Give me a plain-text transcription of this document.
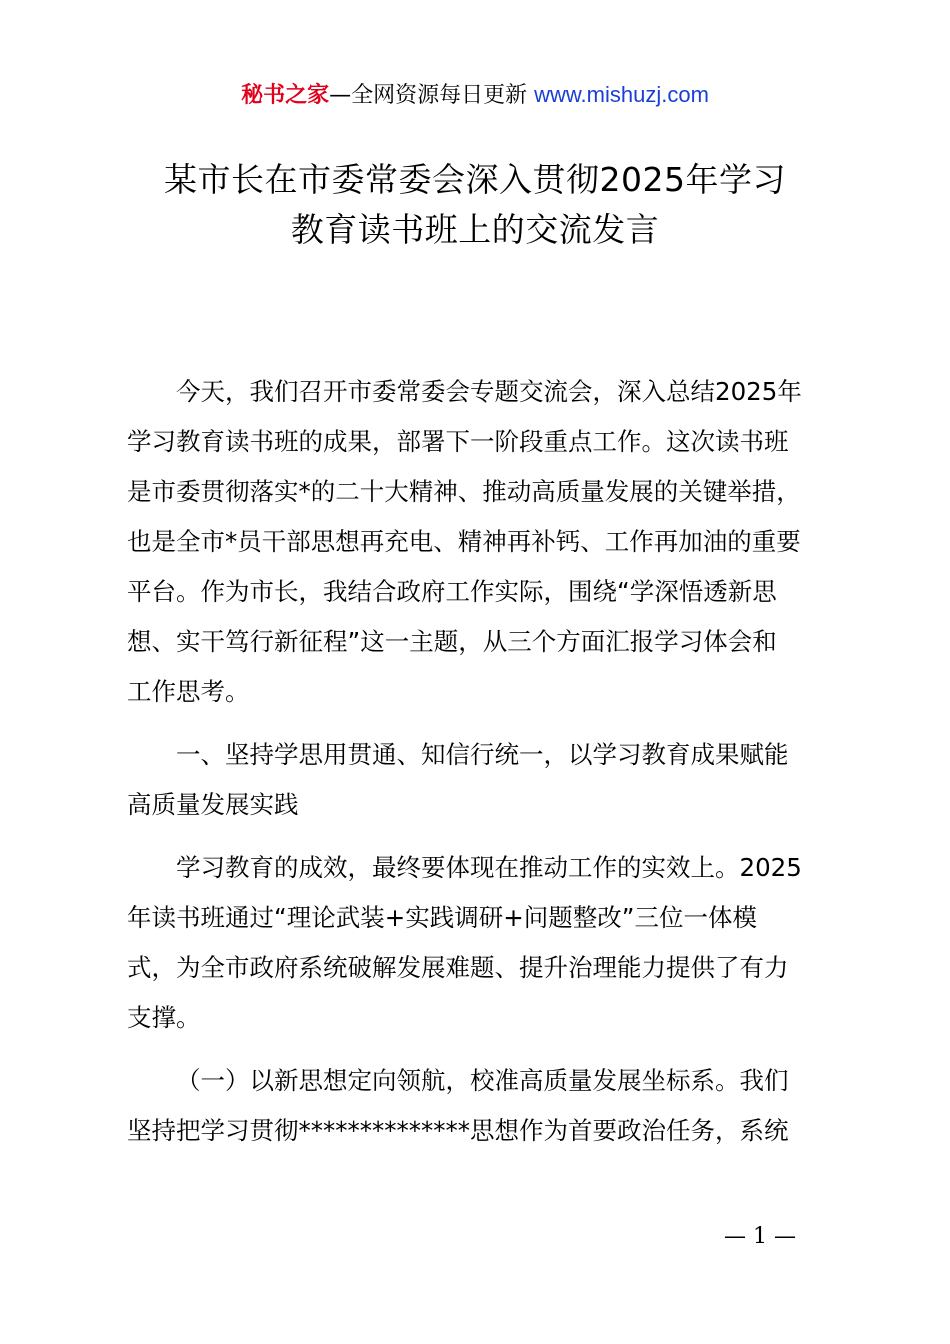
秘书之家—全网资源每日更新 www.mishuzj.com
某市长在市委常委会深入贯彻2025年学习
教育读书班上的交流发言
今天，我们召开市委常委会专题交流会，深入总结2025年
学习教育读书班的成果，部署下一阶段重点工作。这次读书班
是市委贯彻落实*的二十大精神、推动高质量发展的关键举措，
也是全市*员干部思想再充电、精神再补钙、工作再加油的重要
平台。作为市长，我结合政府工作实际，围绕“学深悟透新思
想、实干笃行新征程”这一主题，从三个方面汇报学习体会和
工作思考。
一、坚持学思用贯通、知信行统一，以学习教育成果赋能
高质量发展实践
学习教育的成效，最终要体现在推动工作的实效上。2025
年读书班通过“理论武装+实践调研+问题整改”三位一体模
式，为全市政府系统破解发展难题、提升治理能力提供了有力
支撑。
（一）以新思想定向领航，校准高质量发展坐标系。我们
坚持把学习贯彻**************思想作为首要政治任务，系统
— 1 —
